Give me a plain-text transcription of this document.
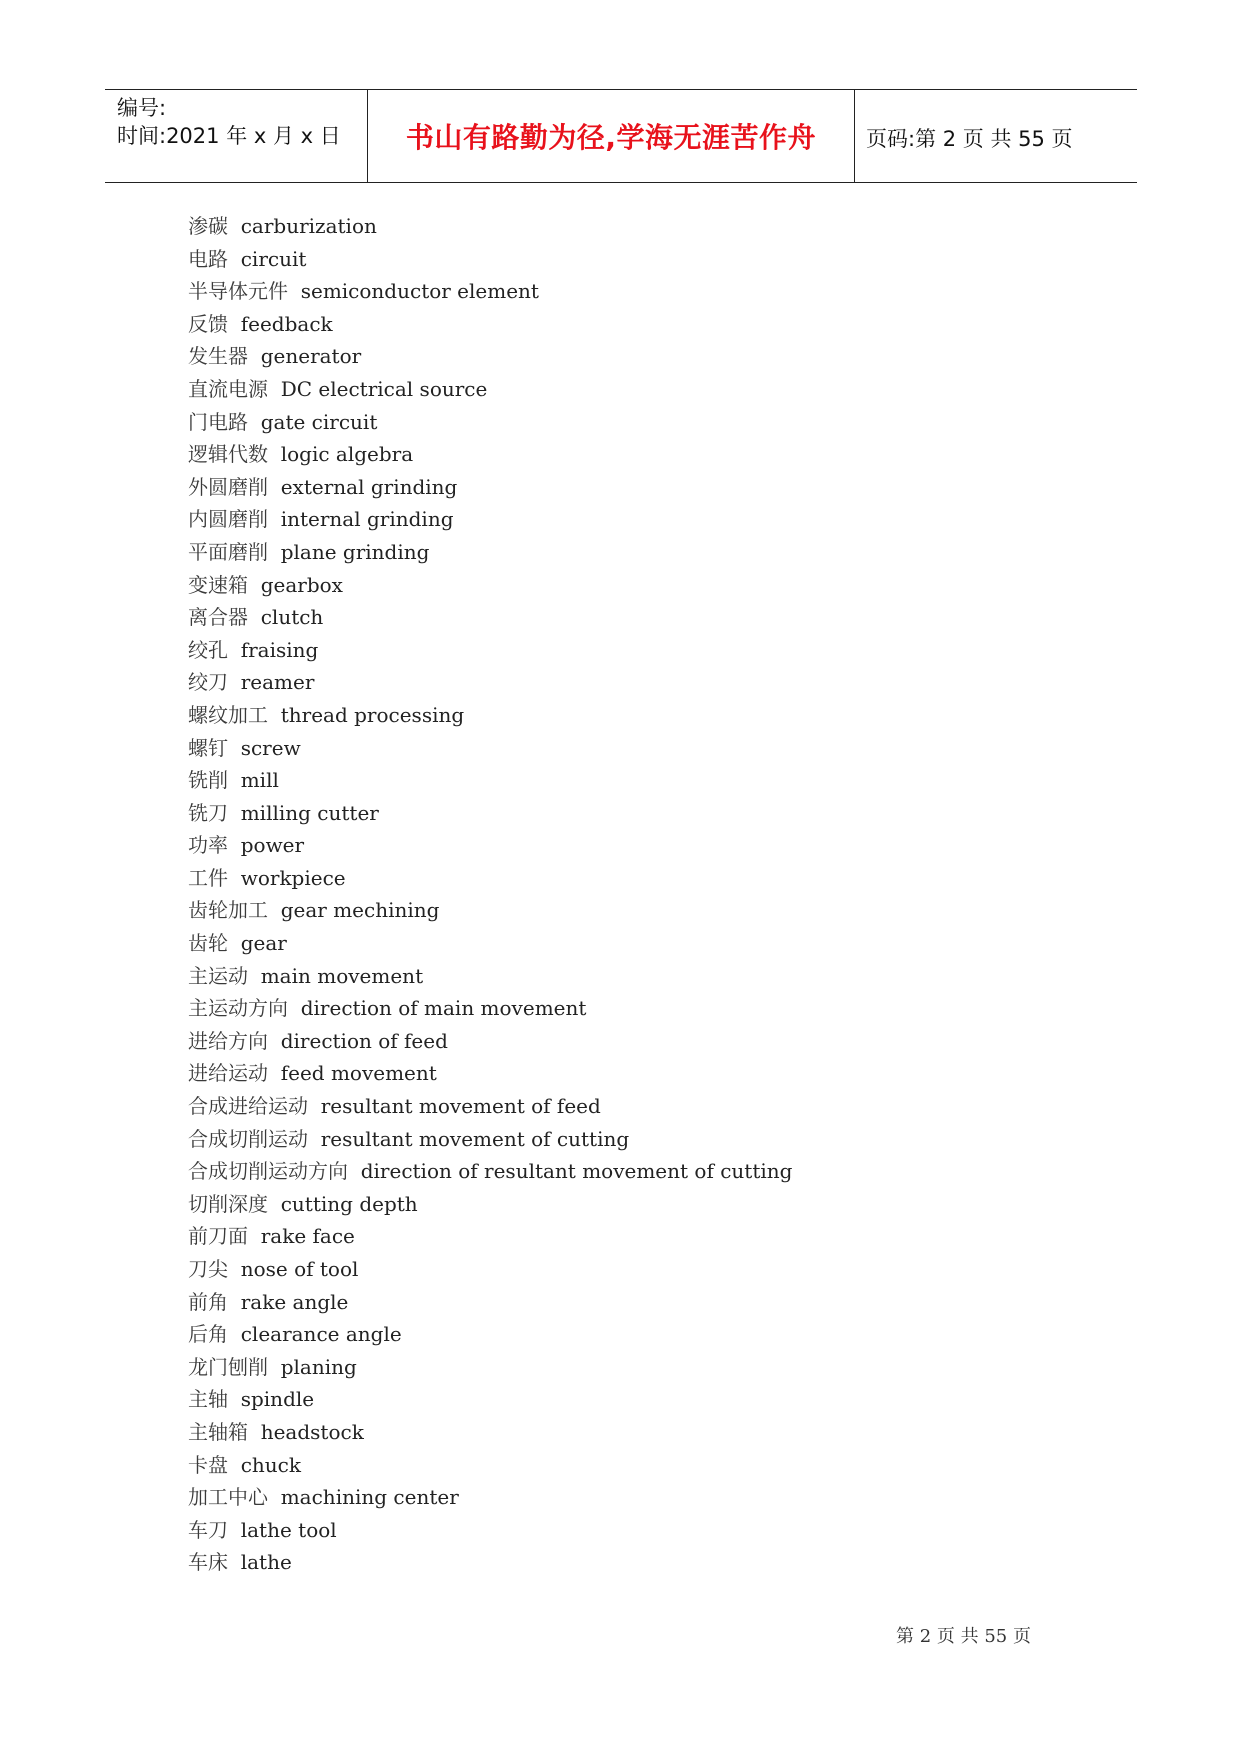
编号:
时间:2021 年 x 月 x 日	书山有路勤为径,学海无涯苦作舟	页码:第 2 页 共 55 页
渗碳 carburization
电路 circuit
半导体元件 semiconductor element
反馈 feedback
发生器 generator
直流电源 DC electrical source
门电路 gate circuit
逻辑代数 logic algebra
外圆磨削 external grinding
内圆磨削 internal grinding
平面磨削 plane grinding
变速箱 gearbox
离合器 clutch
绞孔 fraising
绞刀 reamer
螺纹加工 thread processing
螺钉 screw
铣削 mill
铣刀 milling cutter
功率 power
工件 workpiece
齿轮加工 gear mechining
齿轮 gear
主运动 main movement
主运动方向 direction of main movement
进给方向 direction of feed
进给运动 feed movement
合成进给运动 resultant movement of feed
合成切削运动 resultant movement of cutting
合成切削运动方向 direction of resultant movement of cutting
切削深度 cutting depth
前刀面 rake face
刀尖 nose of tool
前角 rake angle
后角 clearance angle
龙门刨削 planing
主轴 spindle
主轴箱 headstock
卡盘 chuck
加工中心 machining center
车刀 lathe tool
车床 lathe
第 2 页 共 55 页
